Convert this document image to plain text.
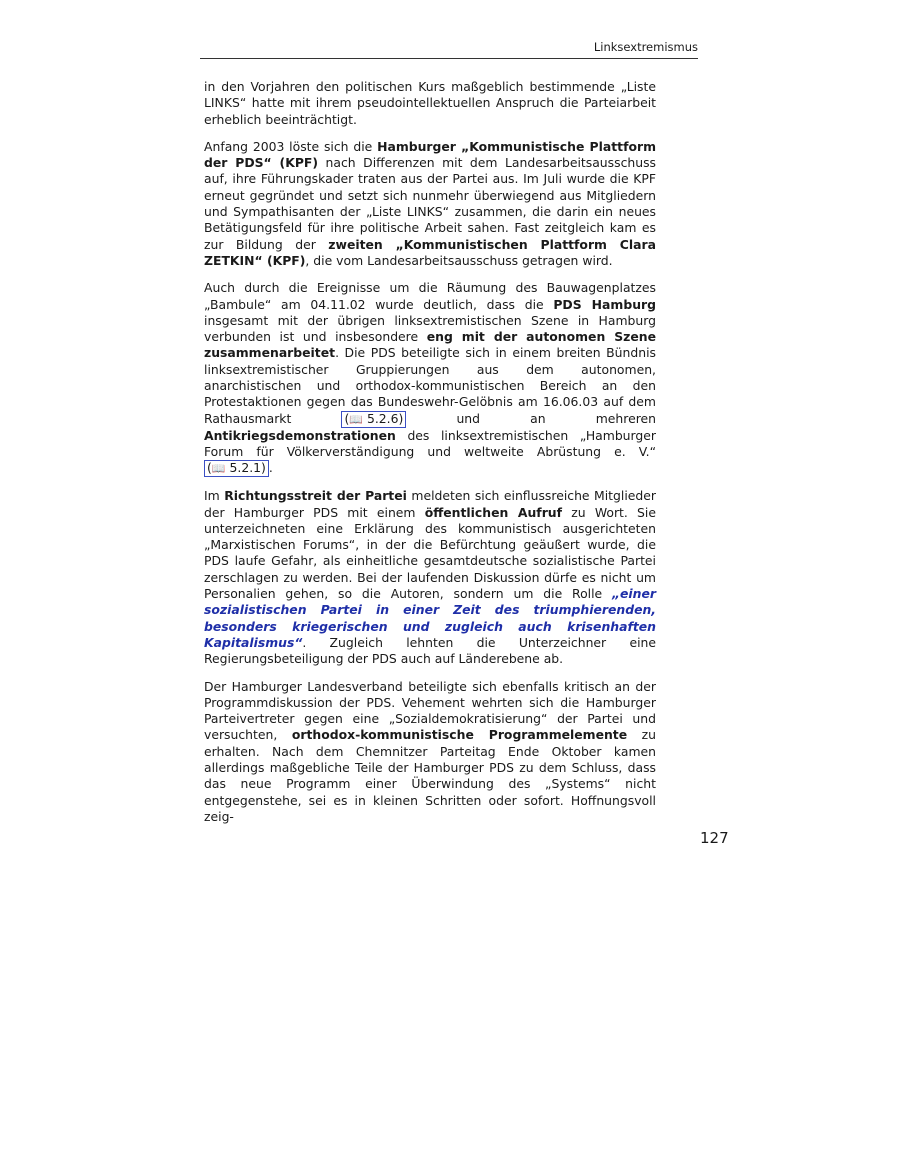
Linksextremismus

in den Vorjahren den politischen Kurs maßgeblich bestimmende „Liste LINKS“ hatte mit ihrem pseudointellektuellen Anspruch die Parteiarbeit erheblich beeinträchtigt.

Anfang 2003 löste sich die Hamburger „Kommunistische Plattform der PDS“ (KPF) nach Differenzen mit dem Landesarbeitsausschuss auf, ihre Führungskader traten aus der Partei aus. Im Juli wurde die KPF erneut gegründet und setzt sich nunmehr überwiegend aus Mitgliedern und Sympathisanten der „Liste LINKS“ zusammen, die darin ein neues Betätigungsfeld für ihre politische Arbeit sahen. Fast zeitgleich kam es zur Bildung der zweiten „Kommunistischen Plattform Clara ZETKIN“ (KPF), die vom Landesarbeitsausschuss getragen wird.

Auch durch die Ereignisse um die Räumung des Bauwagenplatzes „Bambule“ am 04.11.02 wurde deutlich, dass die PDS Hamburg insgesamt mit der übrigen linksextremistischen Szene in Hamburg verbunden ist und insbesondere eng mit der autonomen Szene zusammenarbeitet. Die PDS beteiligte sich in einem breiten Bündnis linksextremistischer Gruppierungen aus dem autonomen, anarchistischen und orthodox-kommunistischen Bereich an den Protestaktionen gegen das Bundeswehr-Gelöbnis am 16.06.03 auf dem Rathausmarkt (📖 5.2.6) und an mehreren Antikriegsdemonstrationen des linksextremistischen „Hamburger Forum für Völkerverständigung und weltweite Abrüstung e. V.“ (📖 5.2.1) .

Im Richtungsstreit der Partei meldeten sich einflussreiche Mitglieder der Hamburger PDS mit einem öffentlichen Aufruf zu Wort. Sie unterzeichneten eine Erklärung des kommunistisch ausgerichteten „Marxistischen Forums“, in der die Befürchtung geäußert wurde, die PDS laufe Gefahr, als einheitliche gesamtdeutsche sozialistische Partei zerschlagen zu werden. Bei der laufenden Diskussion dürfe es nicht um Personalien gehen, so die Autoren, sondern um die Rolle „einer sozialistischen Partei in einer Zeit des triumphierenden, besonders kriegerischen und zugleich auch krisenhaften Kapitalismus“. Zugleich lehnten die Unterzeichner eine Regierungsbeteiligung der PDS auch auf Länderebene ab.

Der Hamburger Landesverband beteiligte sich ebenfalls kritisch an der Programmdiskussion der PDS. Vehement wehrten sich die Hamburger Parteivertreter gegen eine „Sozialdemokratisierung“ der Partei und versuchten, orthodox-kommunistische Programmelemente zu erhalten. Nach dem Chemnitzer Parteitag Ende Oktober kamen allerdings maßgebliche Teile der Hamburger PDS zu dem Schluss, dass das neue Programm einer Überwindung des „Systems“ nicht entgegenstehe, sei es in kleinen Schritten oder sofort. Hoffnungsvoll zeig-

127
